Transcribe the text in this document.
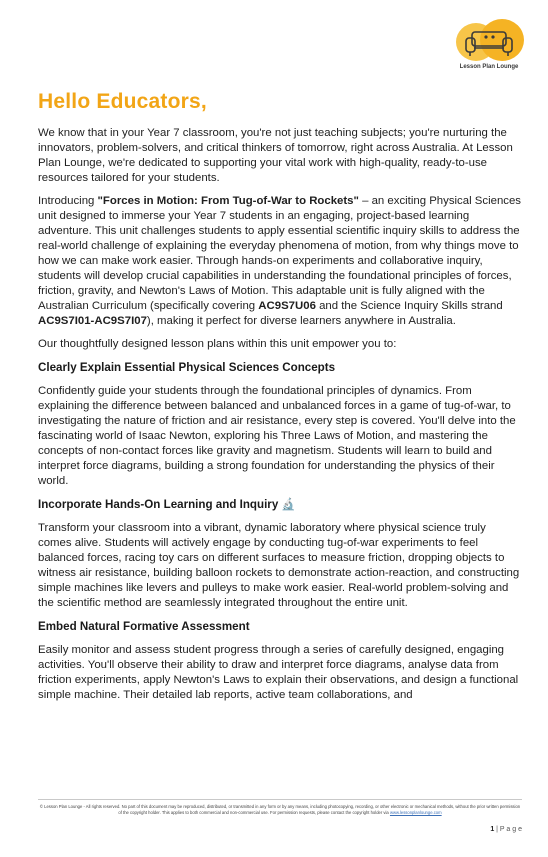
Lesson Plan Lounge
Hello Educators,

We know that in your Year 7 classroom, you're not just teaching subjects; you're nurturing the innovators, problem-solvers, and critical thinkers of tomorrow, right across Australia. At Lesson Plan Lounge, we're dedicated to supporting your vital work with high-quality, ready-to-use resources tailored for your students.

Introducing "Forces in Motion: From Tug-of-War to Rockets" – an exciting Physical Sciences unit designed to immerse your Year 7 students in an engaging, project-based learning adventure. This unit challenges students to apply essential scientific inquiry skills to address the real-world challenge of explaining the everyday phenomena of motion, from why things move to how we can make work easier. Through hands-on experiments and collaborative inquiry, students will develop crucial capabilities in understanding the foundational principles of forces, friction, gravity, and Newton's Laws of Motion. This adaptable unit is fully aligned with the Australian Curriculum (specifically covering AC9S7U06 and the Science Inquiry Skills strand AC9S7I01-AC9S7I07), making it perfect for diverse learners anywhere in Australia.

Our thoughtfully designed lesson plans within this unit empower you to:

Clearly Explain Essential Physical Sciences Concepts

Confidently guide your students through the foundational principles of dynamics. From explaining the difference between balanced and unbalanced forces in a game of tug-of-war, to investigating the nature of friction and air resistance, every step is covered. You'll delve into the fascinating world of Isaac Newton, exploring his Three Laws of Motion, and mastering the concepts of non-contact forces like gravity and magnetism. Students will learn to build and interpret force diagrams, building a strong foundation for understanding the physics of their world.

Incorporate Hands-On Learning and Inquiry 🔬

Transform your classroom into a vibrant, dynamic laboratory where physical science truly comes alive. Students will actively engage by conducting tug-of-war experiments to feel balanced forces, racing toy cars on different surfaces to measure friction, dropping objects to witness air resistance, building balloon rockets to demonstrate action-reaction, and constructing simple machines like levers and pulleys to make work easier. Real-world problem-solving and the scientific method are seamlessly integrated throughout the entire unit.

Embed Natural Formative Assessment

Easily monitor and assess student progress through a series of carefully designed, engaging activities. You'll observe their ability to draw and interpret force diagrams, analyse data from friction experiments, apply Newton's Laws to explain their observations, and design a functional simple machine. Their detailed lab reports, active team collaborations, and

© Lesson Plan Lounge - All rights reserved. No part of this document may be reproduced, distributed, or transmitted in any form or by any means, including photocopying, recording, or other electronic or mechanical methods, without the prior written permission of the copyright holder. This applies to both commercial and non-commercial use. For permission requests, please contact the copyright holder via www.lessonplanlounge.com
1 | P a g e
